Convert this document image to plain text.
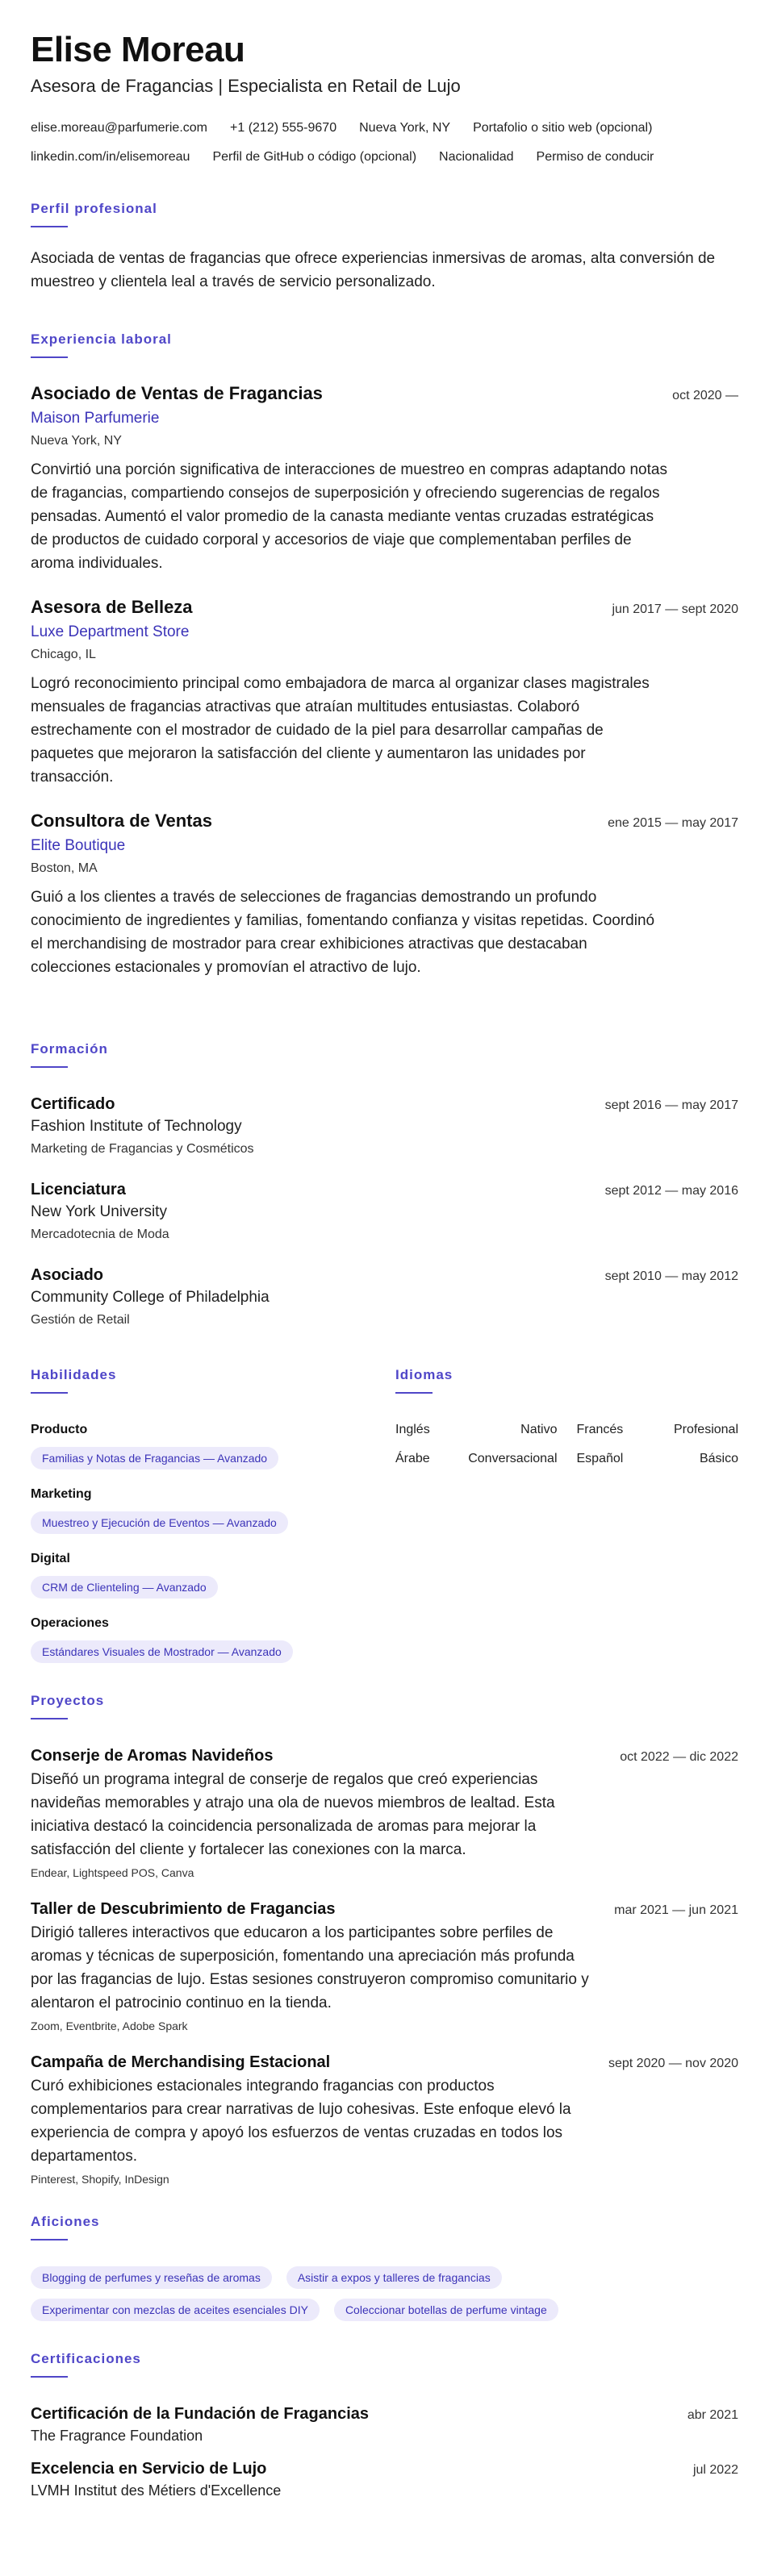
Elise Moreau
Asesora de Fragancias | Especialista en Retail de Lujo
elise.moreau@parfumerie.com +1 (212) 555-9670 Nueva York, NY Portafolio o sitio web (opcional)
linkedin.com/in/elisemoreau Perfil de GitHub o código (opcional) Nacionalidad Permiso de conducir
Perfil profesional
Asociada de ventas de fragancias que ofrece experiencias inmersivas de aromas, alta conversión de muestreo y clientela leal a través de servicio personalizado.
Experiencia laboral
Asociado de Ventas de Fragancias	oct 2020 —
Maison Parfumerie
Nueva York, NY
Convirtió una porción significativa de interacciones de muestreo en compras adaptando notas de fragancias, compartiendo consejos de superposición y ofreciendo sugerencias de regalos pensadas. Aumentó el valor promedio de la canasta mediante ventas cruzadas estratégicas de productos de cuidado corporal y accesorios de viaje que complementaban perfiles de aroma individuales.
Asesora de Belleza	jun 2017 — sept 2020
Luxe Department Store
Chicago, IL
Logró reconocimiento principal como embajadora de marca al organizar clases magistrales mensuales de fragancias atractivas que atraían multitudes entusiastas. Colaboró estrechamente con el mostrador de cuidado de la piel para desarrollar campañas de paquetes que mejoraron la satisfacción del cliente y aumentaron las unidades por transacción.
Consultora de Ventas	ene 2015 — may 2017
Elite Boutique
Boston, MA
Guió a los clientes a través de selecciones de fragancias demostrando un profundo conocimiento de ingredientes y familias, fomentando confianza y visitas repetidas. Coordinó el merchandising de mostrador para crear exhibiciones atractivas que destacaban colecciones estacionales y promovían el atractivo de lujo.
Formación
Certificado	sept 2016 — may 2017
Fashion Institute of Technology
Marketing de Fragancias y Cosméticos
Licenciatura	sept 2012 — may 2016
New York University
Mercadotecnia de Moda
Asociado	sept 2010 — may 2012
Community College of Philadelphia
Gestión de Retail
Habilidades
Producto
Familias y Notas de Fragancias — Avanzado
Marketing
Muestreo y Ejecución de Eventos — Avanzado
Digital
CRM de Clienteling — Avanzado
Operaciones
Estándares Visuales de Mostrador — Avanzado
Idiomas
Inglés	Nativo Francés	Profesional
Árabe	Conversacional Español	Básico
Proyectos
Conserje de Aromas Navideños	oct 2022 — dic 2022
Diseñó un programa integral de conserje de regalos que creó experiencias navideñas memorables y atrajo una ola de nuevos miembros de lealtad. Esta iniciativa destacó la coincidencia personalizada de aromas para mejorar la satisfacción del cliente y fortalecer las conexiones con la marca.
Endear, Lightspeed POS, Canva
Taller de Descubrimiento de Fragancias	mar 2021 — jun 2021
Dirigió talleres interactivos que educaron a los participantes sobre perfiles de aromas y técnicas de superposición, fomentando una apreciación más profunda por las fragancias de lujo. Estas sesiones construyeron compromiso comunitario y alentaron el patrocinio continuo en la tienda.
Zoom, Eventbrite, Adobe Spark
Campaña de Merchandising Estacional	sept 2020 — nov 2020
Curó exhibiciones estacionales integrando fragancias con productos complementarios para crear narrativas de lujo cohesivas. Este enfoque elevó la experiencia de compra y apoyó los esfuerzos de ventas cruzadas en todos los departamentos.
Pinterest, Shopify, InDesign
Aficiones
Blogging de perfumes y reseñas de aromas	Asistir a expos y talleres de fragancias
Experimentar con mezclas de aceites esenciales DIY	Coleccionar botellas de perfume vintage
Certificaciones
Certificación de la Fundación de Fragancias	abr 2021
The Fragrance Foundation
Excelencia en Servicio de Lujo	jul 2022
LVMH Institut des Métiers d'Excellence
